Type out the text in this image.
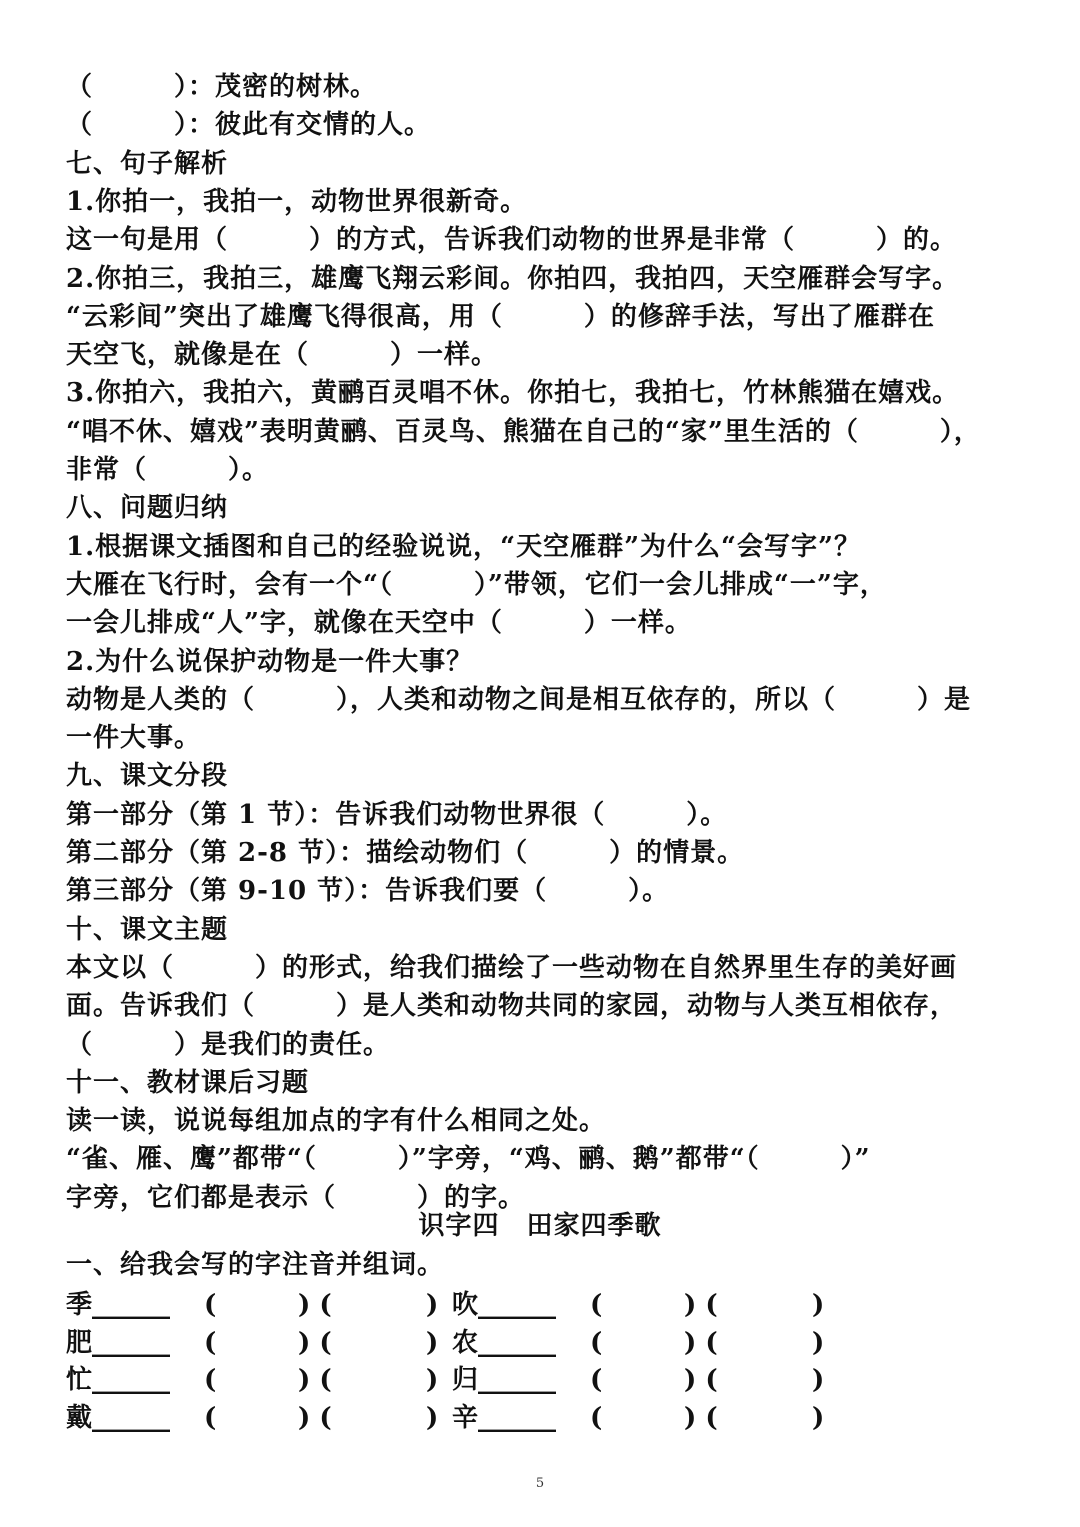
（　　　）：茂密的树林。
（　　　）：彼此有交情的人。
七、句子解析
1.你拍一，我拍一，动物世界很新奇。
这一句是用（　　　）的方式，告诉我们动物的世界是非常（　　　）的。
2.你拍三，我拍三，雄鹰飞翔云彩间。你拍四，我拍四，天空雁群会写字。
“云彩间”突出了雄鹰飞得很高，用（　　　）的修辞手法，写出了雁群在
天空飞，就像是在（　　　）一样。
3.你拍六，我拍六，黄鹂百灵唱不休。你拍七，我拍七，竹林熊猫在嬉戏。
“唱不休、嬉戏”表明黄鹂、百灵鸟、熊猫在自己的“家”里生活的（　　　），
非常（　　　）。
八、问题归纳
1.根据课文插图和自己的经验说说，“天空雁群”为什么“会写字”？
大雁在飞行时，会有一个“（　　　）”带领，它们一会儿排成“一”字，
一会儿排成“人”字，就像在天空中（　　　）一样。
2.为什么说保护动物是一件大事？
动物是人类的（　　　），人类和动物之间是相互依存的，所以（　　　）是
一件大事。
九、课文分段
第一部分（第 1 节）：告诉我们动物世界很（　　　）。
第二部分（第 2-8 节）：描绘动物们（　　　）的情景。
第三部分（第 9-10 节）：告诉我们要（　　　）。
十、课文主题
本文以（　　　）的形式，给我们描绘了一些动物在自然界里生存的美好画
面。告诉我们（　　　）是人类和动物共同的家园，动物与人类互相依存，
（　　　）是我们的责任。
十一、教材课后习题
读一读，说说每组加点的字有什么相同之处。
“雀、雁、鹰”都带“（　　　）”字旁，“鸡、鹂、鹅”都带“（　　　）”
字旁，它们都是表示（　　　）的字。
识字四　田家四季歌
一、给我会写的字注音并组词。
季______ (	) (	) 吹______ (	) (	)
肥______ (	) (	) 农______ (	) (	)
忙______ (	) (	) 归______ (	) (	)
戴______ (	) (	) 辛______ (	) (	)
5
